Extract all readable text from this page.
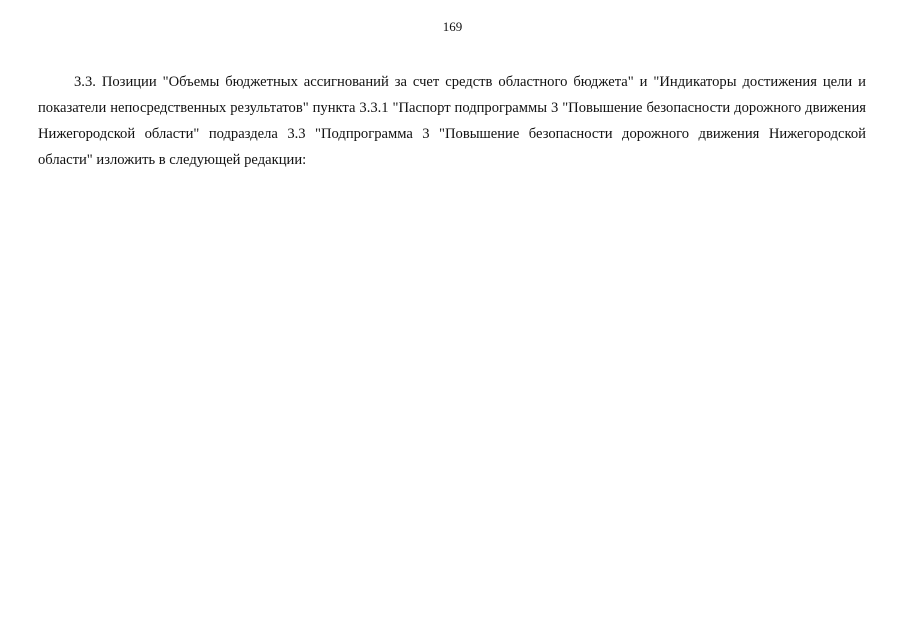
169

3.3. Позиции "Объемы бюджетных ассигнований за счет средств областного бюджета" и "Индикаторы достижения цели и показатели непосредственных результатов" пункта 3.3.1 "Паспорт подпрограммы 3 "Повышение безопасности дорожного движения Нижегородской области" подраздела 3.3 "Подпрограмма 3 "Повышение безопасности дорожного движения Нижегородской области" изложить в следующей редакции:
